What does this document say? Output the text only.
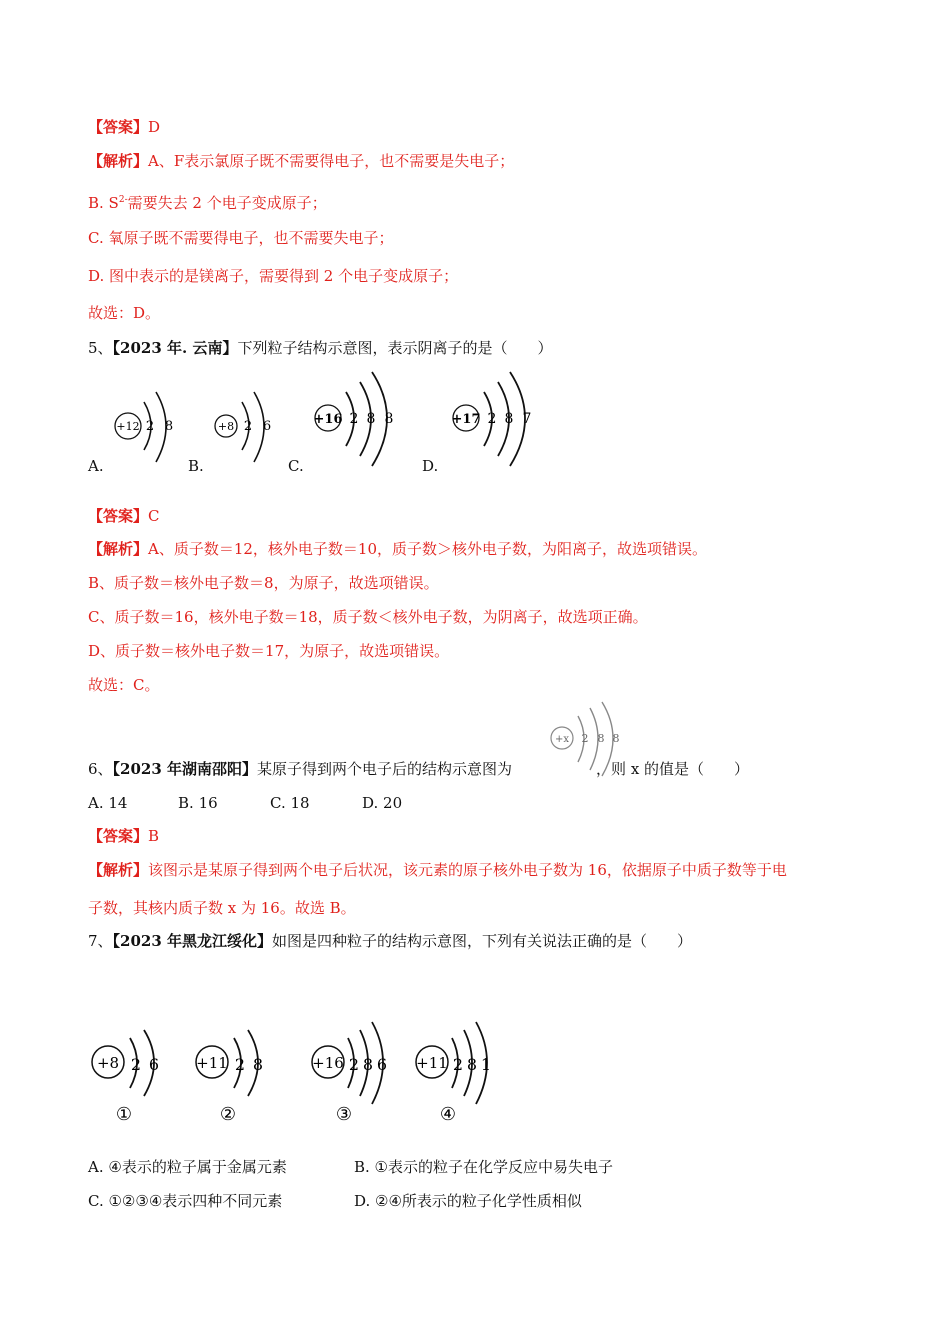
【答案】D
【解析】A、F表示氯原子既不需要得电子，也不需要是失电子；
B. $S^{2-}$需要失去 2 个电子变成原子；
C. 氧原子既不需要得电子，也不需要失电子；
D. 图中表示的是镁离子，需要得到 2 个电子变成原子；
故选：D。
5、【2023 年. 云南】下列粒子结构示意图，表示阴离子的是（　　）
+12 2 8
A.
+8 2 6
B.
+16 2 8 8
C.
+17 2 8 7
D.
【答案】C
【解析】A、质子数＝12，核外电子数＝10，质子数＞核外电子数，为阳离子，故选项错误。
B、质子数＝核外电子数＝8，为原子，故选项错误。
C、质子数＝16，核外电子数＝18，质子数＜核外电子数，为阴离子，故选项正确。
D、质子数＝核外电子数＝17，为原子，故选项错误。
故选：C。
6、【2023 年湖南邵阳】某原子得到两个电子后的结构示意图为	，则 x 的值是（　　）
+x 2 8 8
A. 14	B. 16	C. 18	D. 20
【答案】B
【解析】该图示是某原子得到两个电子后状况，该元素的原子核外电子数为 16，依据原子中质子数等于电
子数，其核内质子数 x 为 16。故选 B。
7、【2023 年黑龙江绥化】如图是四种粒子的结构示意图，下列有关说法正确的是（　　）
+8 2 6
①
+11 2 8
②
+16 2 8 6
③
+11 2 8 1
④
A. ④表示的粒子属于金属元素	B. ①表示的粒子在化学反应中易失电子
C. ①②③④表示四种不同元素	D. ②④所表示的粒子化学性质相似
